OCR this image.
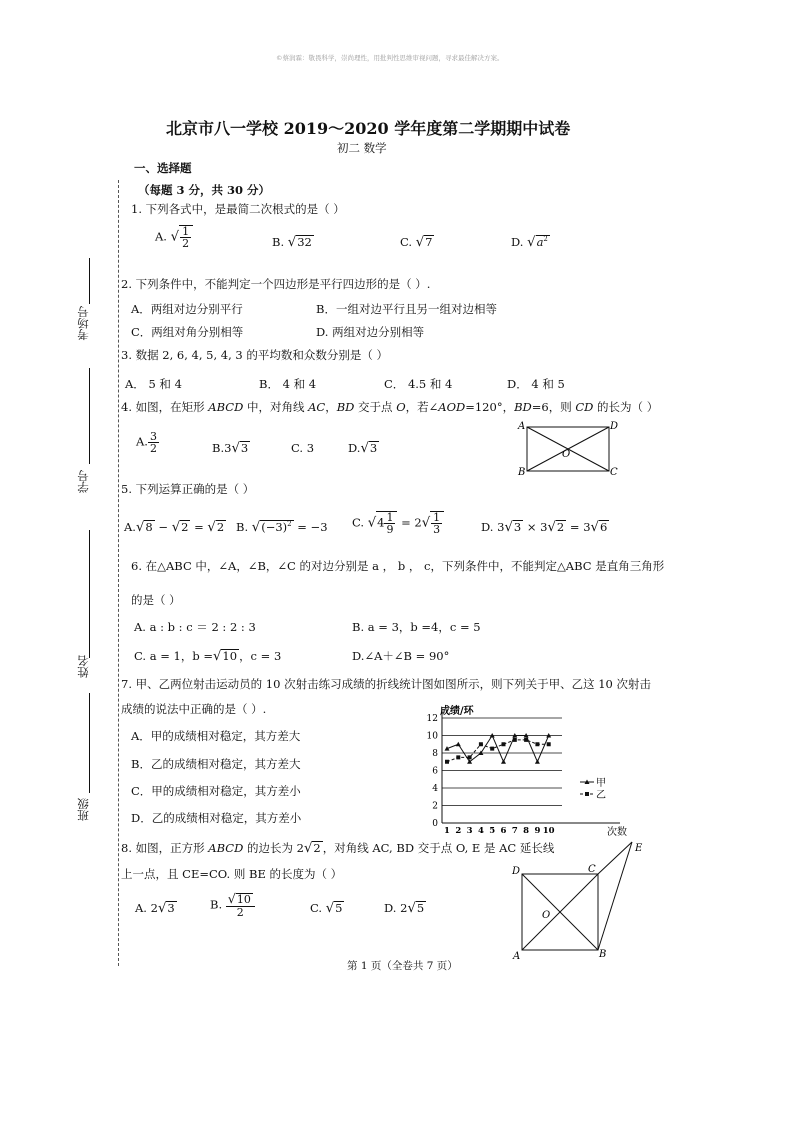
©蔡润霖：敬畏科学，崇尚理性，用批判性思维审视问题，寻求最佳解决方案。
北京市八一学校 2019～2020 学年度第二学期期中试卷
初二 数学
一、选择题
考场号
学号
姓名
班级
（每题 3 分，共 30 分）
1. 下列各式中，是最简二次根式的是（ ）
A. √ $\frac{1}{2}$	B. √32	C. √7	D. $√a^2$
2. 下列条件中，不能判定一个四边形是平行四边形的是（ ）.
A．两组对边分别平行	B．一组对边平行且另一组对边相等
C．两组对角分别相等	D. 两组对边分别相等
3. 数据 2, 6, 4, 5, 4, 3 的平均数和众数分别是（ ）
A． 5 和 4	B． 4 和 4	C． 4.5 和 4	D． 4 和 5
4. 如图，在矩形 ABCD 中，对角线 AC，BD 交于点 O，若∠AOD=120°，BD=6，则 CD 的长为（ ）
A. $\frac{3}{2}$	B.3√3	C. 3	D.√3
A	D
B	C
O
5. 下列运算正确的是（ ）
A.√8 − √2 = √2 B. $√(-3)^2 = -3$ C. $√4 \frac{1}{9} = 2√ \frac{1}{3}$	D. 3√3 × 3√2 = 3√6
6. 在△ABC 中，∠A，∠B，∠C 的对边分别是 a ， b ， c，下列条件中，不能判定△ABC 是直角三角形
的是（ ）
A. a : b : c ＝ 2 : 2 : 3	B. a = 3，b =4，c = 5
C. a = 1，b =√10 ，c = 3	D.∠A＋∠B = 90°
7. 甲、乙两位射击运动员的 10 次射击练习成绩的折线统计图如图所示，则下列关于甲、乙这 10 次射击
成绩的说法中正确的是（ ）.
A．甲的成绩相对稳定，其方差大
B．乙的成绩相对稳定，其方差大
C．甲的成绩相对稳定，其方差小
D．乙的成绩相对稳定，其方差小	0
2
4
6
8
10
12
1 2 3 4 5 6 7 8 9 10
成绩/环
次数
甲
乙
8. 如图，正方形 ABCD 的边长为 2√2 ，对角线 AC, BD 交于点 O, E 是 AC 延长线
上一点，且 CE=CO. 则 BE 的长度为（ ）
A. 2√3	B. $\frac{√10}{2}$	C. √5	D. 2√5
D	C
E
O
A	B
第 1 页（全卷共 7 页）
